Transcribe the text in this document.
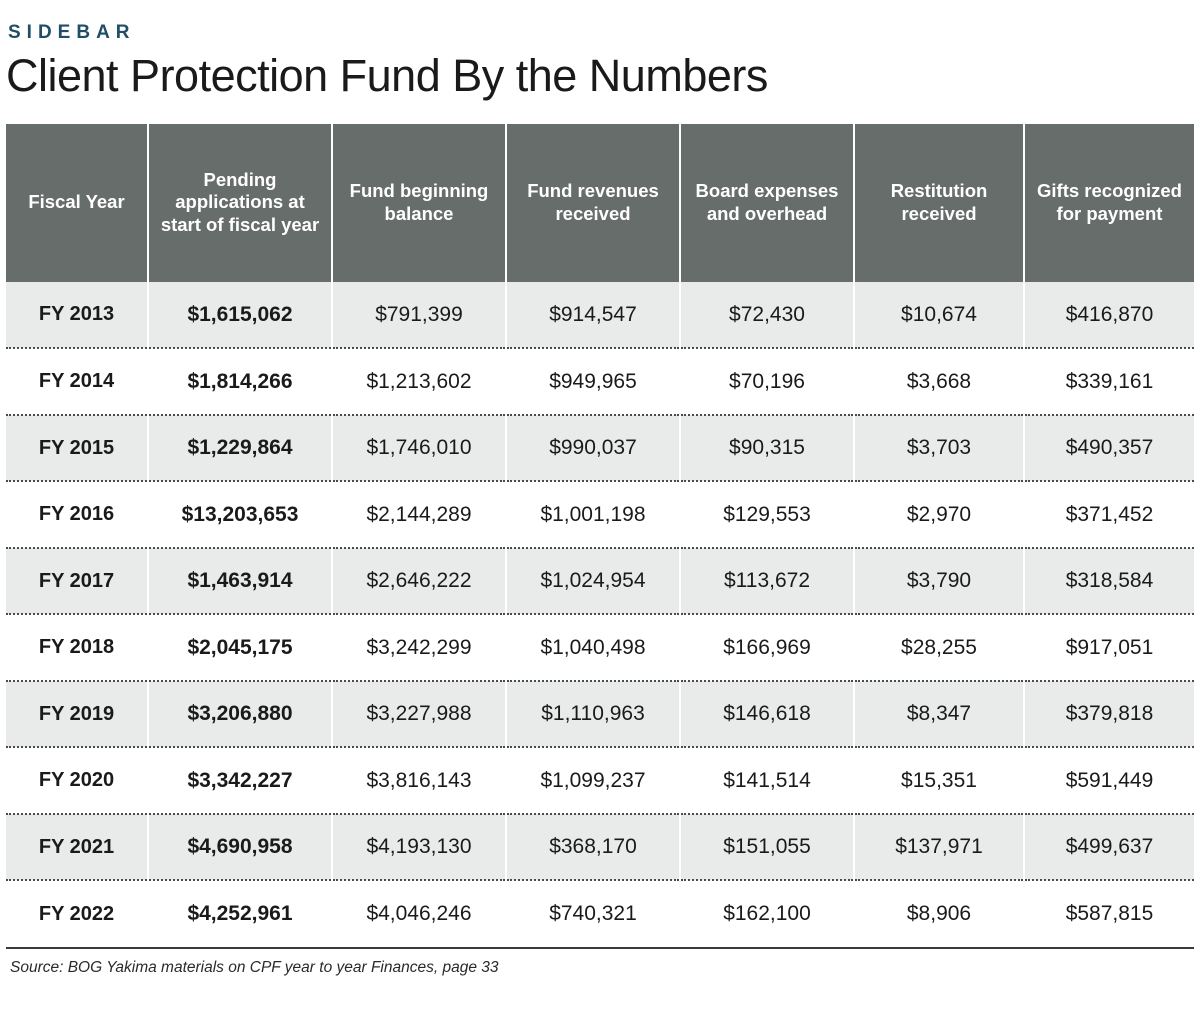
SIDEBAR
Client Protection Fund By the Numbers
Fiscal Year	Pending applications at start of fiscal year	Fund beginning balance	Fund revenues received	Board expenses and overhead	Restitution received	Gifts recognized for payment
FY 2013	$1,615,062	$791,399	$914,547	$72,430	$10,674	$416,870
FY 2014	$1,814,266	$1,213,602	$949,965	$70,196	$3,668	$339,161
FY 2015	$1,229,864	$1,746,010	$990,037	$90,315	$3,703	$490,357
FY 2016	$13,203,653	$2,144,289	$1,001,198	$129,553	$2,970	$371,452
FY 2017	$1,463,914	$2,646,222	$1,024,954	$113,672	$3,790	$318,584
FY 2018	$2,045,175	$3,242,299	$1,040,498	$166,969	$28,255	$917,051
FY 2019	$3,206,880	$3,227,988	$1,110,963	$146,618	$8,347	$379,818
FY 2020	$3,342,227	$3,816,143	$1,099,237	$141,514	$15,351	$591,449
FY 2021	$4,690,958	$4,193,130	$368,170	$151,055	$137,971	$499,637
FY 2022	$4,252,961	$4,046,246	$740,321	$162,100	$8,906	$587,815
Source: BOG Yakima materials on CPF year to year Finances, page 33
